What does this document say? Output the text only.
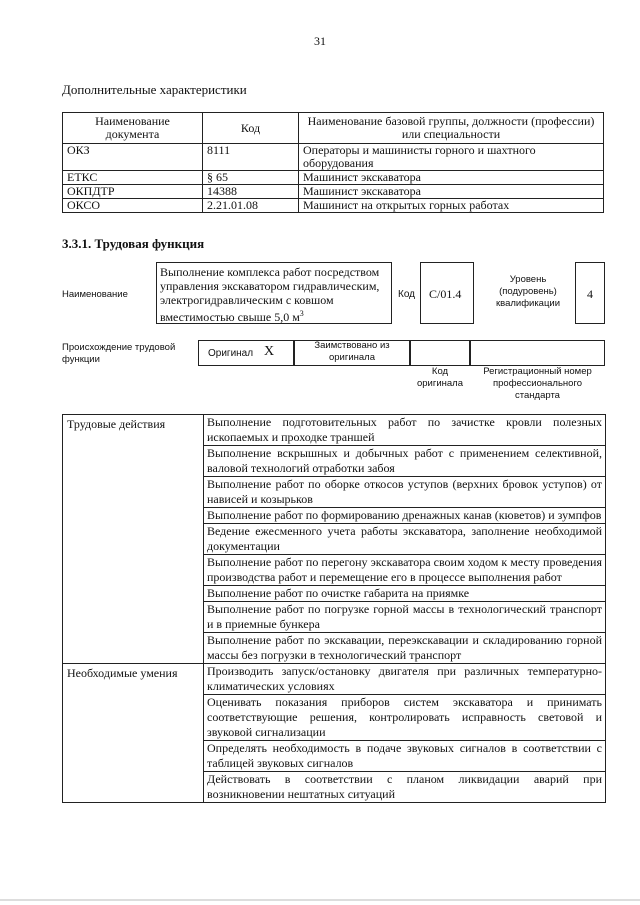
31
Дополнительные характеристики
Наименование документа	Код	Наименование базовой группы, должности (профессии) или специальности
ОКЗ	8111	Операторы и машинисты горного и шахтного оборудования
ЕТКС	§ 65	Машинист экскаватора
ОКПДТР	14388	Машинист экскаватора
ОКСО	2.21.01.08	Машинист на открытых горных работах
3.3.1. Трудовая функция
Наименование
Выполнение комплекса работ посредством управления экскаватором гидравлическим, электрогидравлическим с ковшом вместимостью свыше 5,0 $м^3$
Код	C/01.4
Уровень (подуровень) квалификации
4
Происхождение трудовой функции
Оригинал X	Заимствовано из оригинала
Код оригинала
Регистрационный номер профессионального стандарта
Трудовые действия	Выполнение подготовительных работ по зачистке кровли полезных ископаемых и проходке траншей
	Выполнение вскрышных и добычных работ с применением селективной, валовой технологий отработки забоя
	Выполнение работ по оборке откосов уступов (верхних бровок уступов) от нависей и козырьков
	Выполнение работ по формированию дренажных канав (кюветов) и зумпфов
	Ведение ежесменного учета работы экскаватора, заполнение необходимой документации
	Выполнение работ по перегону экскаватора своим ходом к месту проведения производства работ и перемещение его в процессе выполнения работ
	Выполнение работ по очистке габарита на приямке
	Выполнение работ по погрузке горной массы в технологический транспорт и в приемные бункера
	Выполнение работ по экскавации, переэкскавации и складированию горной массы без погрузки в технологический транспорт
Необходимые умения	Производить запуск/остановку двигателя при различных температурно-климатических условиях
	Оценивать показания приборов систем экскаватора и принимать соответствующие решения, контролировать исправность световой и звуковой сигнализации
	Определять необходимость в подаче звуковых сигналов в соответствии с таблицей звуковых сигналов
	Действовать в соответствии с планом ликвидации аварий при возникновении нештатных ситуаций
